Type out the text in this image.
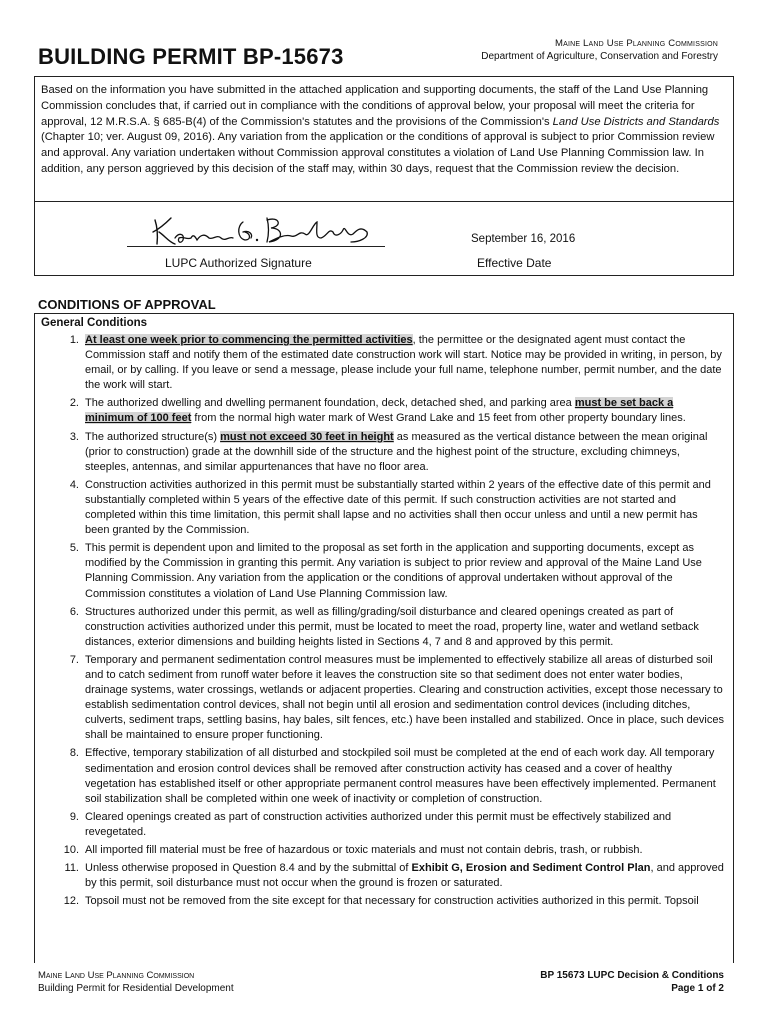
BUILDING PERMIT BP-15673
Maine Land Use Planning Commission
Department of Agriculture, Conservation and Forestry
Based on the information you have submitted in the attached application and supporting documents, the staff of the Land Use Planning Commission concludes that, if carried out in compliance with the conditions of approval below, your proposal will meet the criteria for approval, 12 M.R.S.A. § 685-B(4) of the Commission's statutes and the provisions of the Commission's Land Use Districts and Standards (Chapter 10; ver. August 09, 2016). Any variation from the application or the conditions of approval is subject to prior Commission review and approval. Any variation undertaken without Commission approval constitutes a violation of Land Use Planning Commission law. In addition, any person aggrieved by this decision of the staff may, within 30 days, request that the Commission review the decision.
LUPC Authorized Signature
September 16, 2016
Effective Date
CONDITIONS OF APPROVAL
General Conditions
1. At least one week prior to commencing the permitted activities, the permittee or the designated agent must contact the Commission staff and notify them of the estimated date construction work will start. Notice may be provided in writing, in person, by email, or by calling. If you leave or send a message, please include your full name, telephone number, permit number, and the date the work will start.
2. The authorized dwelling and dwelling permanent foundation, deck, detached shed, and parking area must be set back a minimum of 100 feet from the normal high water mark of West Grand Lake and 15 feet from other property boundary lines.
3. The authorized structure(s) must not exceed 30 feet in height as measured as the vertical distance between the mean original (prior to construction) grade at the downhill side of the structure and the highest point of the structure, excluding chimneys, steeples, antennas, and similar appurtenances that have no floor area.
4. Construction activities authorized in this permit must be substantially started within 2 years of the effective date of this permit and substantially completed within 5 years of the effective date of this permit. If such construction activities are not started and completed within this time limitation, this permit shall lapse and no activities shall then occur unless and until a new permit has been granted by the Commission.
5. This permit is dependent upon and limited to the proposal as set forth in the application and supporting documents, except as modified by the Commission in granting this permit. Any variation is subject to prior review and approval of the Maine Land Use Planning Commission. Any variation from the application or the conditions of approval undertaken without approval of the Commission constitutes a violation of Land Use Planning Commission law.
6. Structures authorized under this permit, as well as filling/grading/soil disturbance and cleared openings created as part of construction activities authorized under this permit, must be located to meet the road, property line, water and wetland setback distances, exterior dimensions and building heights listed in Sections 4, 7 and 8 and approved by this permit.
7. Temporary and permanent sedimentation control measures must be implemented to effectively stabilize all areas of disturbed soil and to catch sediment from runoff water before it leaves the construction site so that sediment does not enter water bodies, drainage systems, water crossings, wetlands or adjacent properties. Clearing and construction activities, except those necessary to establish sedimentation control devices, shall not begin until all erosion and sedimentation control devices (including ditches, culverts, sediment traps, settling basins, hay bales, silt fences, etc.) have been installed and stabilized. Once in place, such devices shall be maintained to ensure proper functioning.
8. Effective, temporary stabilization of all disturbed and stockpiled soil must be completed at the end of each work day. All temporary sedimentation and erosion control devices shall be removed after construction activity has ceased and a cover of healthy vegetation has established itself or other appropriate permanent control measures have been effectively implemented. Permanent soil stabilization shall be completed within one week of inactivity or completion of construction.
9. Cleared openings created as part of construction activities authorized under this permit must be effectively stabilized and revegetated.
10. All imported fill material must be free of hazardous or toxic materials and must not contain debris, trash, or rubbish.
11. Unless otherwise proposed in Question 8.4 and by the submittal of Exhibit G, Erosion and Sediment Control Plan, and approved by this permit, soil disturbance must not occur when the ground is frozen or saturated.
12. Topsoil must not be removed from the site except for that necessary for construction activities authorized in this permit. Topsoil
Maine Land Use Planning Commission
Building Permit for Residential Development
BP 15673 LUPC Decision & Conditions
Page 1 of 2
